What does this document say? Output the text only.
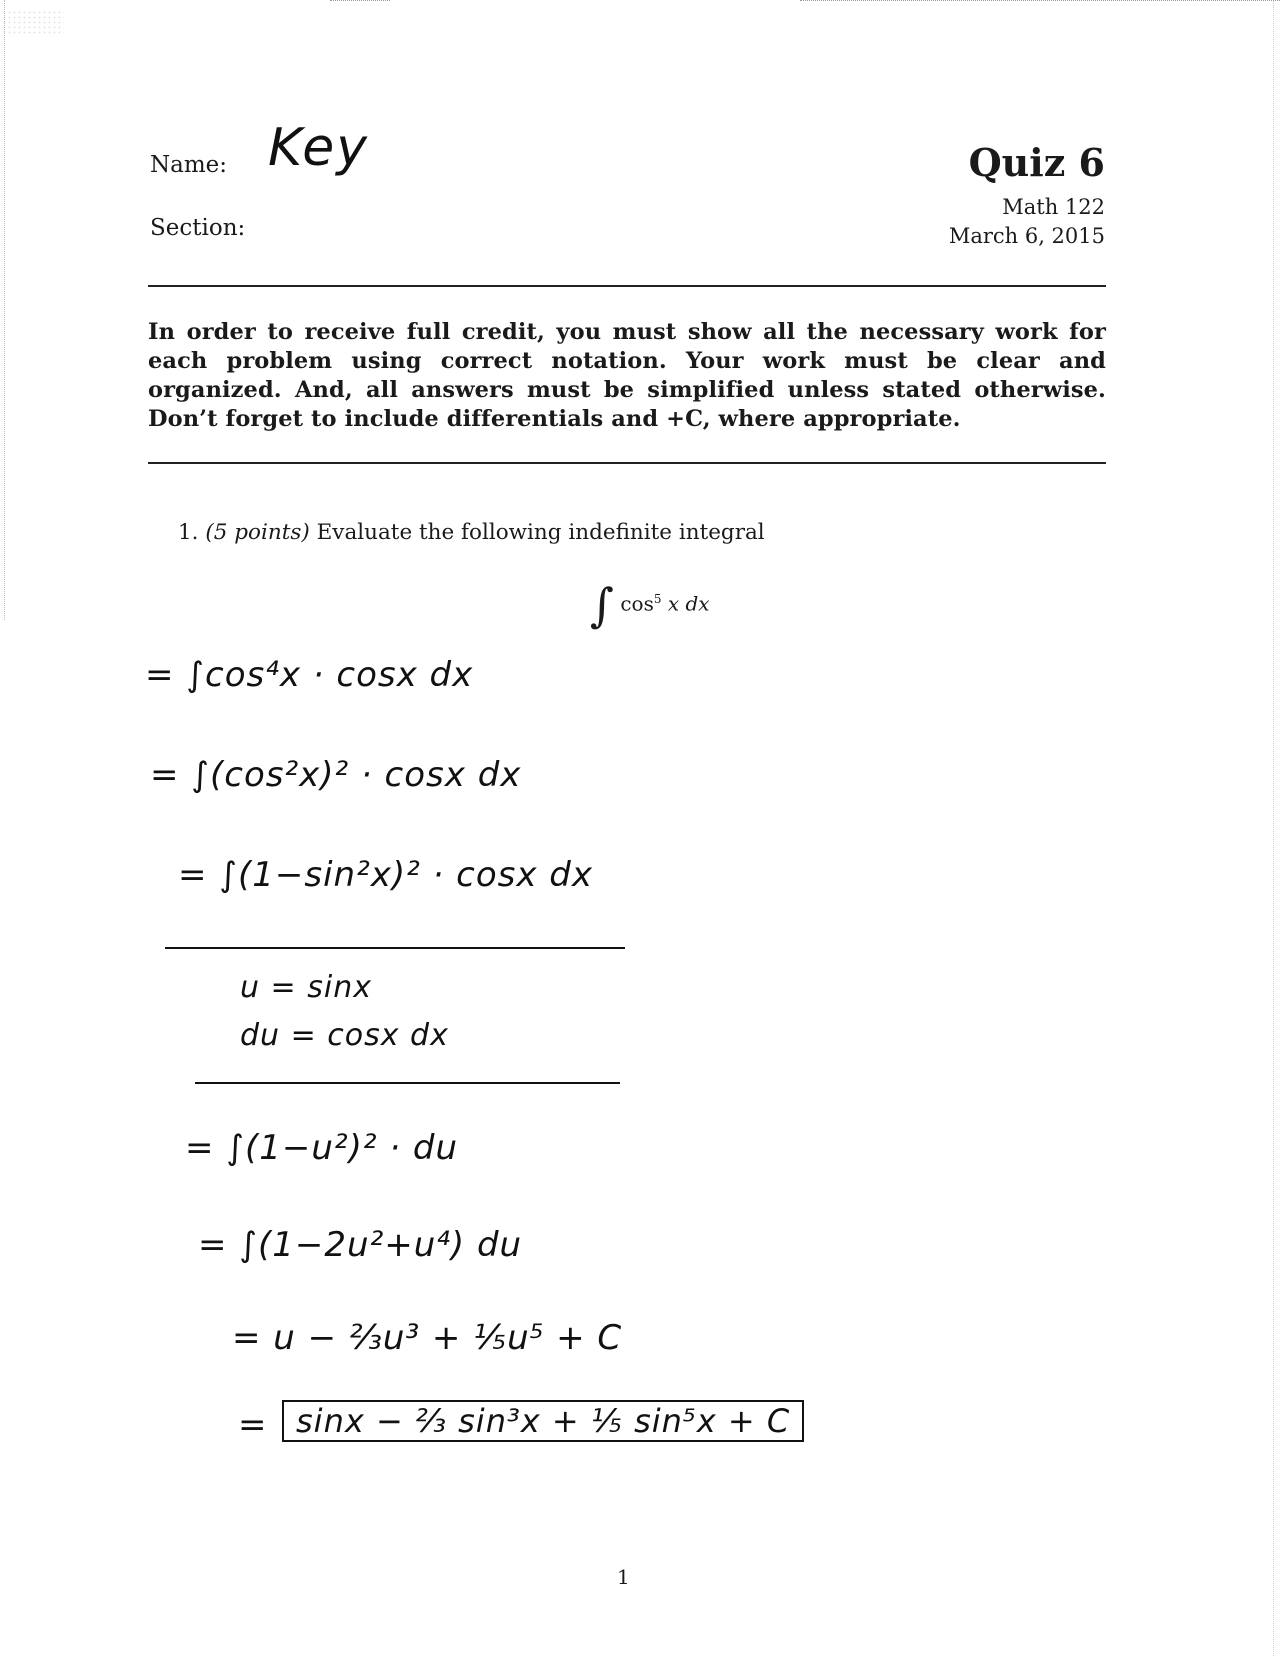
Name: Key
Section:
Quiz 6
Math 122
March 6, 2015
In order to receive full credit, you must show all the necessary work for each problem using correct notation. Your work must be clear and organized. And, all answers must be simplified unless stated otherwise. Don’t forget to include differentials and +C, where appropriate.
1. (5 points) Evaluate the following indefinite integral
∫ $\cos^5 x$ dx
= ∫cos⁴x · cosx dx
= ∫(cos²x)² · cosx dx
= ∫(1−sin²x)² · cosx dx
u = sinx
du = cosx dx
= ∫(1−u²)² · du
= ∫(1−2u²+u⁴) du
= u − ⅔u³ + ⅕u⁵ + C
= sinx − ⅔ sin³x + ⅕ sin⁵x + C
1
